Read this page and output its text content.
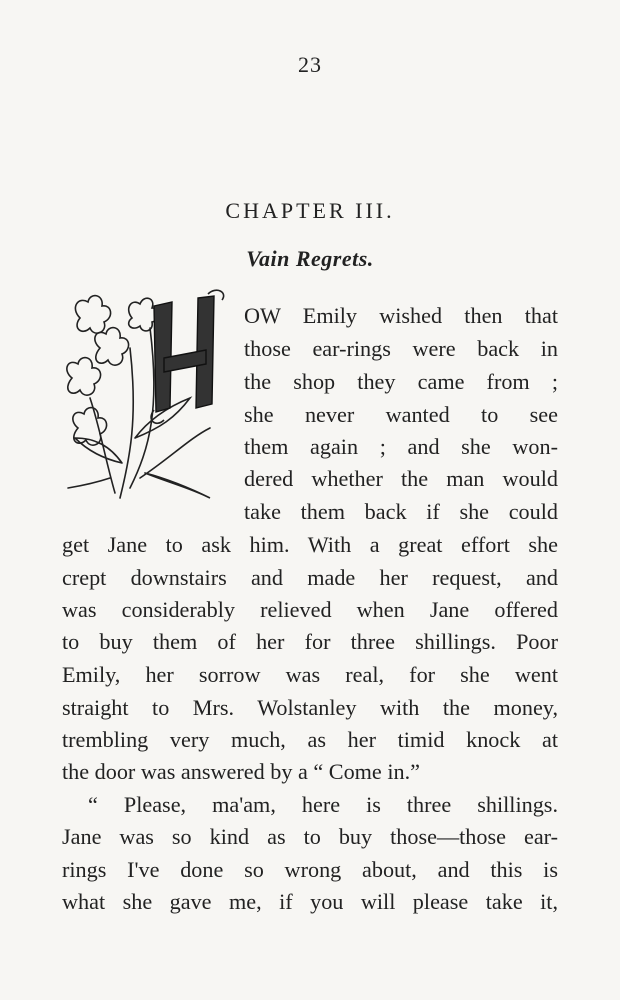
23
CHAPTER III.
Vain Regrets.
OW Emily wished then that
those ear-rings were back in
the shop they came from ;
she never wanted to see
them again ; and she won-
dered whether the man would
take them back if she could
get Jane to ask him. With a great effort she
crept downstairs and made her request, and
was considerably relieved when Jane offered
to buy them of her for three shillings. Poor
Emily, her sorrow was real, for she went
straight to Mrs. Wolstanley with the money,
trembling very much, as her timid knock at
the door was answered by a “ Come in.”
“ Please, ma'am, here is three shillings.
Jane was so kind as to buy those—those ear-
rings I've done so wrong about, and this is
what she gave me, if you will please take it,
